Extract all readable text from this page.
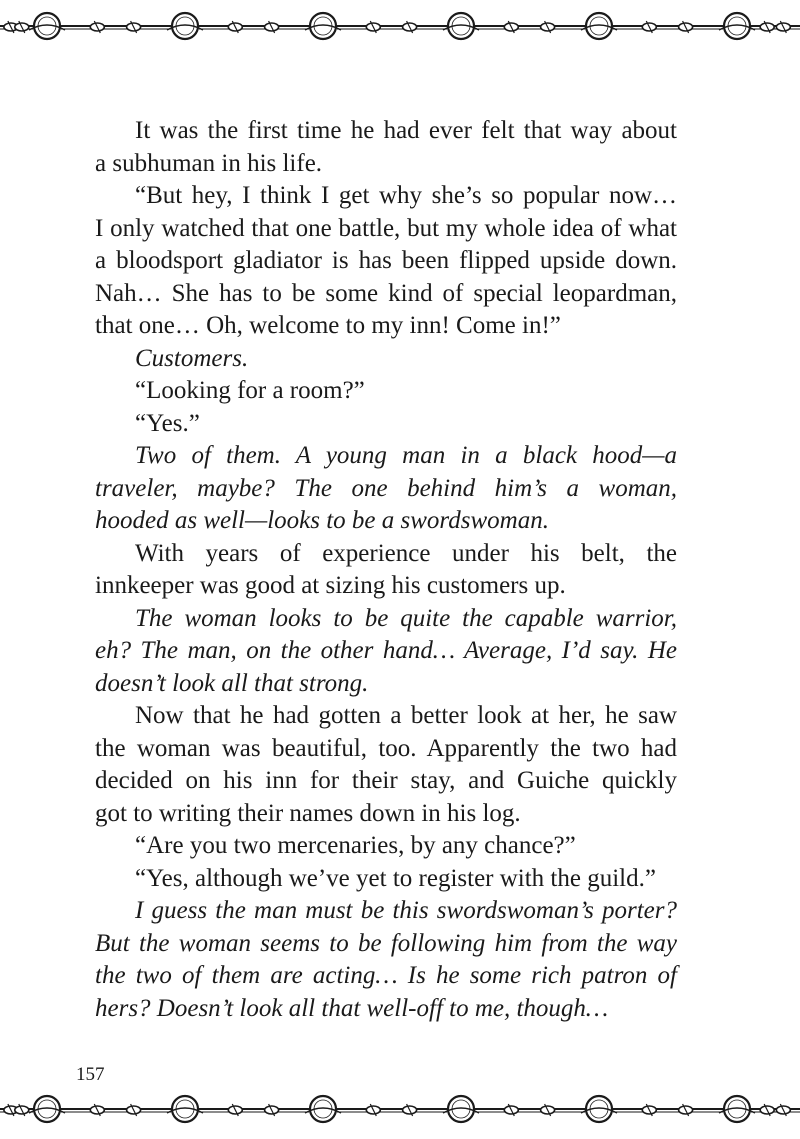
It was the first time he had ever felt that way about
a subhuman in his life.
“But hey, I think I get why she’s so popular now…
I only watched that one battle, but my whole idea of what
a bloodsport gladiator is has been flipped upside down.
Nah… She has to be some kind of special leopardman,
that one… Oh, welcome to my inn! Come in!”
Customers.
“Looking for a room?”
“Yes.”
Two of them. A young man in a black hood—a
traveler, maybe? The one behind him’s a woman,
hooded as well—looks to be a swordswoman.
With years of experience under his belt, the
innkeeper was good at sizing his customers up.
The woman looks to be quite the capable warrior,
eh? The man, on the other hand… Average, I’d say. He
doesn’t look all that strong.
Now that he had gotten a better look at her, he saw
the woman was beautiful, too. Apparently the two had
decided on his inn for their stay, and Guiche quickly
got to writing their names down in his log.
“Are you two mercenaries, by any chance?”
“Yes, although we’ve yet to register with the guild.”
I guess the man must be this swordswoman’s porter?
But the woman seems to be following him from the way
the two of them are acting… Is he some rich patron of
hers? Doesn’t look all that well-off to me, though…
157
